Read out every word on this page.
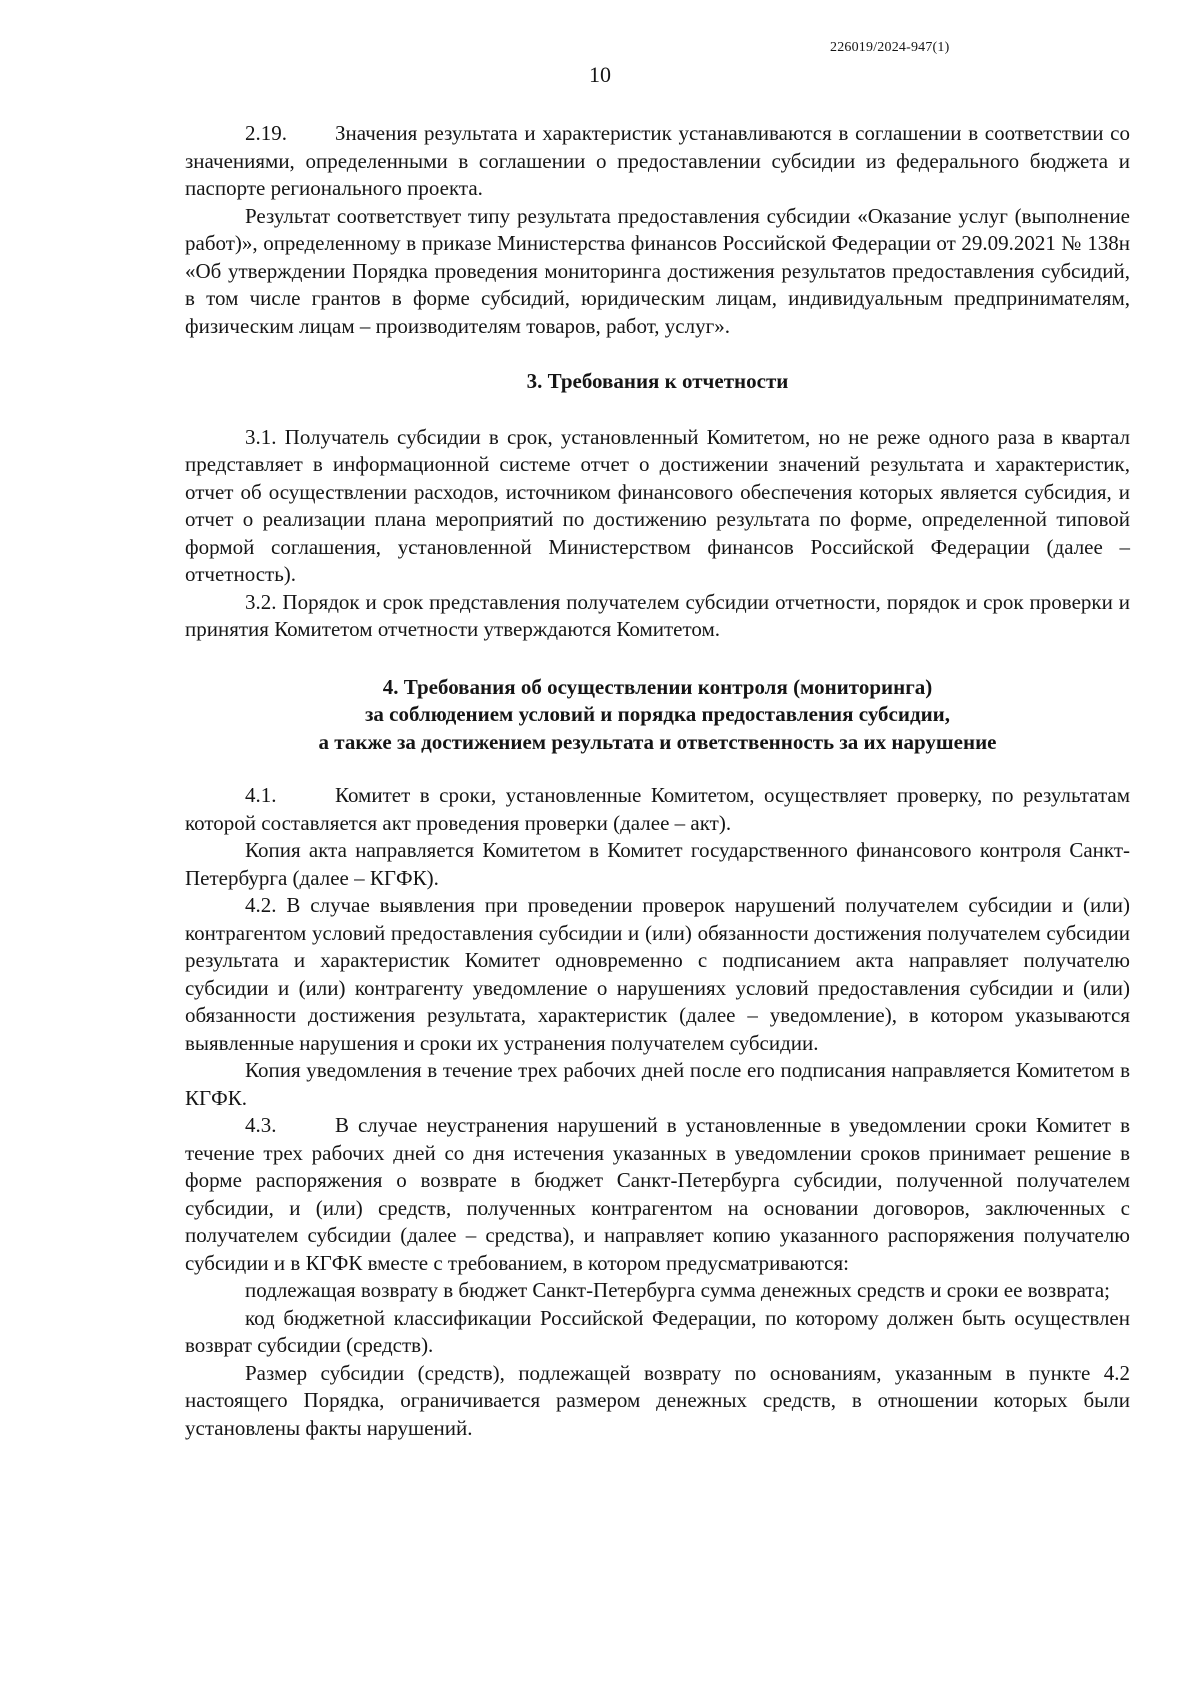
226019/2024-947(1)
10

2.19. Значения результата и характеристик устанавливаются в соглашении в соответствии со значениями, определенными в соглашении о предоставлении субсидии из федерального бюджета и паспорте регионального проекта.

Результат соответствует типу результата предоставления субсидии «Оказание услуг (выполнение работ)», определенному в приказе Министерства финансов Российской Федерации от 29.09.2021 № 138н «Об утверждении Порядка проведения мониторинга достижения результатов предоставления субсидий, в том числе грантов в форме субсидий, юридическим лицам, индивидуальным предпринимателям, физическим лицам – производителям товаров, работ, услуг».

3. Требования к отчетности

3.1. Получатель субсидии в срок, установленный Комитетом, но не реже одного раза в квартал представляет в информационной системе отчет о достижении значений результата и характеристик, отчет об осуществлении расходов, источником финансового обеспечения которых является субсидия, и отчет о реализации плана мероприятий по достижению результата по форме, определенной типовой формой соглашения, установленной Министерством финансов Российской Федерации (далее – отчетность).

3.2. Порядок и срок представления получателем субсидии отчетности, порядок и срок проверки и принятия Комитетом отчетности утверждаются Комитетом.

4. Требования об осуществлении контроля (мониторинга)
за соблюдением условий и порядка предоставления субсидии,
а также за достижением результата и ответственность за их нарушение

4.1.	Комитет в сроки, установленные Комитетом, осуществляет проверку, по результатам которой составляется акт проведения проверки (далее – акт).

Копия акта направляется Комитетом в Комитет государственного финансового контроля Санкт-Петербурга (далее – КГФК).

4.2. В случае выявления при проведении проверок нарушений получателем субсидии и (или) контрагентом условий предоставления субсидии и (или) обязанности достижения получателем субсидии результата и характеристик Комитет одновременно с подписанием акта направляет получателю субсидии и (или) контрагенту уведомление о нарушениях условий предоставления субсидии и (или) обязанности достижения результата, характеристик (далее – уведомление), в котором указываются выявленные нарушения и сроки их устранения получателем субсидии.

Копия уведомления в течение трех рабочих дней после его подписания направляется Комитетом в КГФК.

4.3.	В случае неустранения нарушений в установленные в уведомлении сроки Комитет в течение трех рабочих дней со дня истечения указанных в уведомлении сроков принимает решение в форме распоряжения о возврате в бюджет Санкт-Петербурга субсидии, полученной получателем субсидии, и (или) средств, полученных контрагентом на основании договоров, заключенных с получателем субсидии (далее – средства), и направляет копию указанного распоряжения получателю субсидии и в КГФК вместе с требованием, в котором предусматриваются:

подлежащая возврату в бюджет Санкт-Петербурга сумма денежных средств и сроки ее возврата;

код бюджетной классификации Российской Федерации, по которому должен быть осуществлен возврат субсидии (средств).

Размер субсидии (средств), подлежащей возврату по основаниям, указанным в пункте 4.2 настоящего Порядка, ограничивается размером денежных средств, в отношении которых были установлены факты нарушений.
